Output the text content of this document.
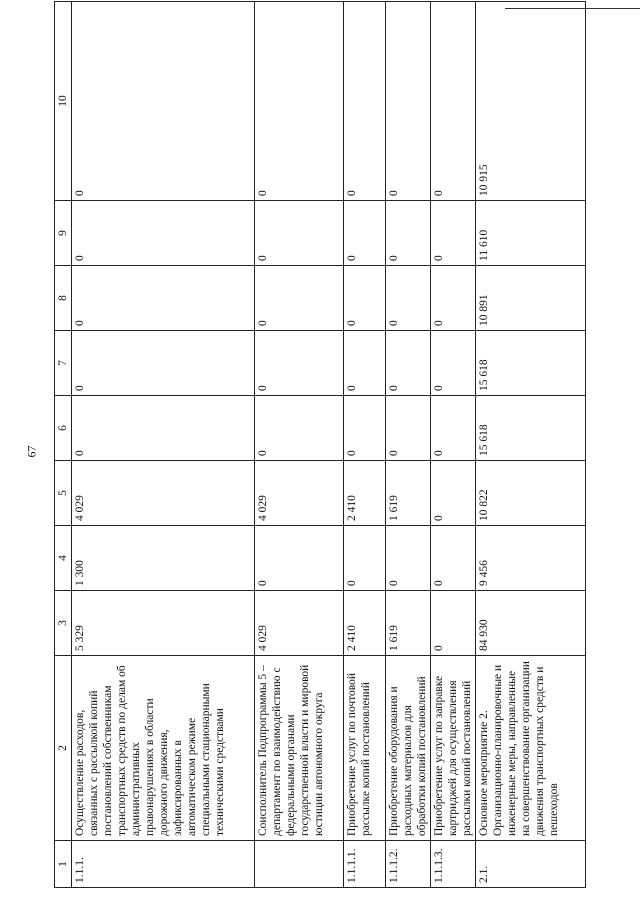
67
1	2	3	4	5	6	7	8	9	10
1.1.1.	Осуществление расходов, связанных с рассылкой копий постановлений собственникам транспортных средств по делам об административных правонарушениях в области дорожного движения, зафиксированных в автоматическом режиме специальными стационарными техническими средствами	5 329	1 300	4 029	0	0	0	0	0
	Соисполнитель Подпрограммы 5 – департамент по взаимодействию с федеральными органами государственной власти и мировой юстиции автономного округа	4 029	0	4 029	0	0	0	0	0
1.1.1.1.	Приобретение услуг по почтовой рассылке копий постановлений	2 410	0	2 410	0	0	0	0	0
1.1.1.2.	Приобретение оборудования и расходных материалов для обработки копий постановлений	1 619	0	1 619	0	0	0	0	0
1.1.1.3.	Приобретение услуг по заправке картриджей для осуществления рассылки копий постановлений	0	0	0	0	0	0	0	0
2.1.	Основное мероприятие 2. Организационно-планировочные и инженерные меры, направленные на совершенствование организации движения транспортных средств и пешеходов	84 930	9 456	10 822	15 618	15 618	10 891	11 610	10 915
